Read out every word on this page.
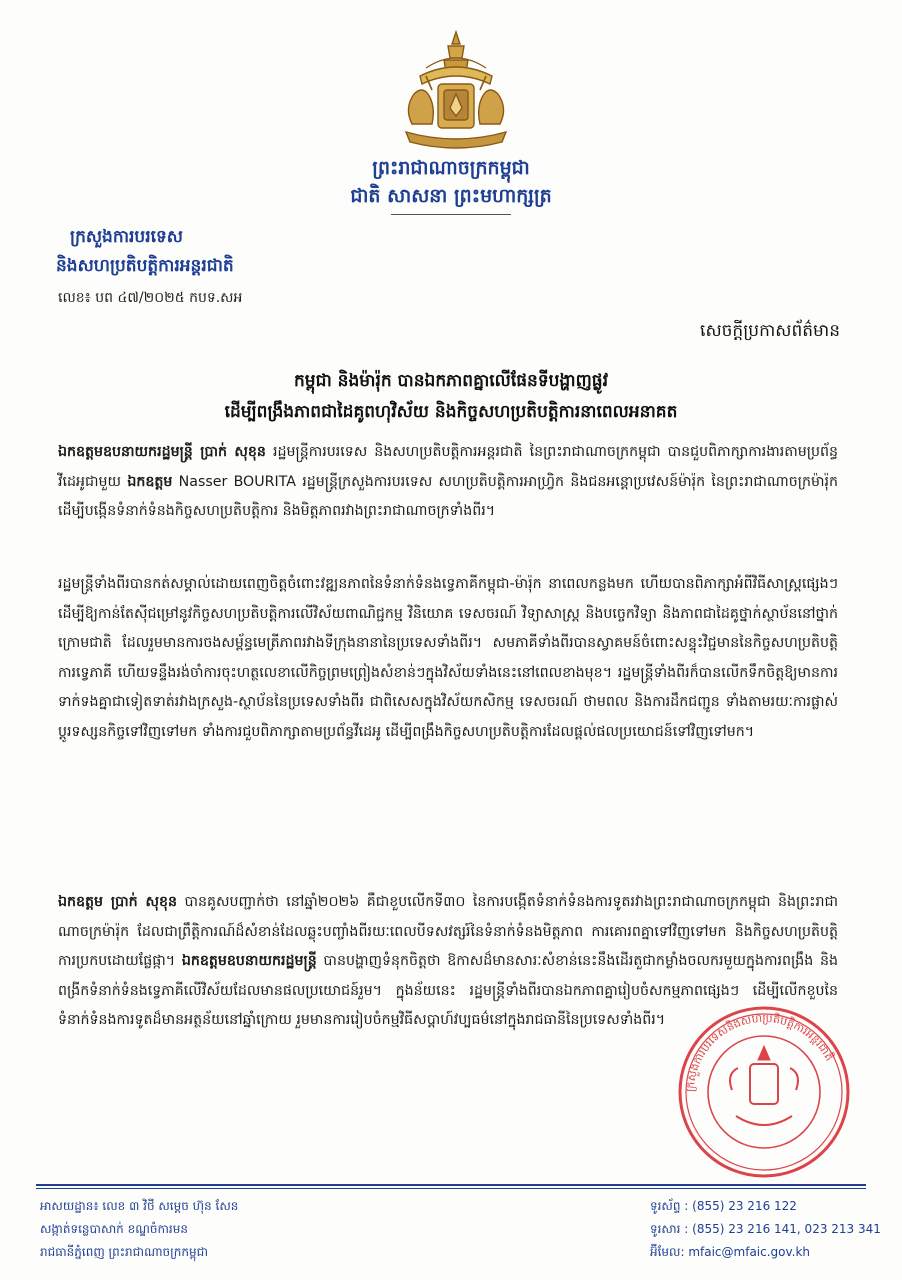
ព្រះរាជាណាចក្រកម្ពុជា
ជាតិ សាសនា ព្រះមហាក្សត្រ
ក្រសួងការបរទេស
និងសហប្រតិបត្តិការអន្តរជាតិ
លេខ៖ បព ៤៧/២០២៥ កបទ.សអ
សេចក្ដីប្រកាសព័ត៌មាន
កម្ពុជា និងម៉ារ៉ុក បានឯកភាពគ្នាលើផែនទីបង្ហាញផ្លូវ
ដើម្បីពង្រឹងភាពជាដៃគូពហុវិស័យ និងកិច្ចសហប្រតិបត្តិការនាពេលអនាគត
ឯកឧត្តមឧបនាយករដ្ឋមន្ត្រី ប្រាក់ សុខុន រដ្ឋមន្ត្រីការបរទេស និងសហប្រតិបត្តិការអន្តរជាតិ នៃព្រះរាជាណាចក្រកម្ពុជា បានជួបពិភាក្សាការងារតាមប្រព័ន្ធវីដេអូជាមួយ ឯកឧត្តម Nasser BOURITA រដ្ឋមន្ត្រីក្រសួងការបរទេស សហប្រតិបត្តិការអាហ្វ្រិក និងជនអន្តោប្រវេសន៍ម៉ារ៉ុក នៃព្រះរាជាណាចក្រម៉ារ៉ុក ដើម្បីបង្កើនទំនាក់ទំនងកិច្ចសហប្រតិបត្តិការ និងមិត្តភាពរវាងព្រះរាជាណាចក្រទាំងពីរ។
រដ្ឋមន្ត្រីទាំងពីរបានកត់សម្គាល់ដោយពេញចិត្តចំពោះវឌ្ឍនភាពនៃទំនាក់ទំនងទ្វេភាគីកម្ពុជា-ម៉ារ៉ុក នាពេលកន្លងមក ហើយបានពិភាក្សាអំពីវិធីសាស្ត្រផ្សេងៗដើម្បីឱ្យកាន់តែស៊ីជម្រៅនូវកិច្ចសហប្រតិបត្តិការលើវិស័យពាណិជ្ជកម្ម វិនិយោគ ទេសចរណ៍ វិទ្យាសាស្ត្រ និងបច្ចេកវិទ្យា និងភាពជាដៃគូថ្នាក់ស្ថាប័ននៅថ្នាក់ក្រោមជាតិ ដែលរួមមានការចងសម្ព័ន្ធមេត្រីភាពរវាងទីក្រុងនានានៃប្រទេសទាំងពីរ។ សមភាគីទាំងពីរបានស្វាគមន៍ចំពោះសន្ទុះវិជ្ជមាននៃកិច្ចសហប្រតិបត្តិការទ្វេភាគី ហើយទន្ទឹងរង់ចាំការចុះហត្ថលេខាលើកិច្ចព្រមព្រៀងសំខាន់ៗក្នុងវិស័យទាំងនេះនៅពេលខាងមុខ។ រដ្ឋមន្ត្រីទាំងពីរក៏បានលើកទឹកចិត្តឱ្យមានការទាក់ទងគ្នាជាទៀតទាត់រវាងក្រសួង-ស្ថាប័ននៃប្រទេសទាំងពីរ ជាពិសេសក្នុងវិស័យកសិកម្ម ទេសចរណ៍ ថាមពល និងការដឹកជញ្ជូន ទាំងតាមរយៈការផ្លាស់ប្ដូរទស្សនកិច្ចទៅវិញទៅមក ទាំងការជួបពិភាក្សាតាមប្រព័ន្ធវីដេអូ ដើម្បីពង្រឹងកិច្ចសហប្រតិបត្តិការដែលផ្ដល់ផលប្រយោជន៍ទៅវិញទៅមក។
ឯកឧត្តម ប្រាក់ សុខុន បានគូសបញ្ជាក់ថា នៅឆ្នាំ២០២៦ គឺជាខួបលើកទី៣០ នៃការបង្កើតទំនាក់ទំនងការទូតរវាងព្រះរាជាណាចក្រកម្ពុជា និងព្រះរាជាណាចក្រម៉ារ៉ុក ដែលជាព្រឹត្តិការណ៍ដ៏សំខាន់ដែលឆ្លុះបញ្ចាំងពីរយៈពេលបីទសវត្សរ៍នៃទំនាក់ទំនងមិត្តភាព ការគោរពគ្នាទៅវិញទៅមក និងកិច្ចសហប្រតិបត្តិការប្រកបដោយផ្លែផ្កា។ ឯកឧត្តមឧបនាយករដ្ឋមន្ត្រី បានបង្ហាញទំនុកចិត្តថា ឱកាសដ៏មានសារៈសំខាន់នេះនឹងដើរតួជាកម្លាំងចលករមួយក្នុងការពង្រឹង និងពង្រីកទំនាក់ទំនងទ្វេភាគីលើវិស័យដែលមានផលប្រយោជន៍រួម។ ក្នុងន័យនេះ រដ្ឋមន្ត្រីទាំងពីរបានឯកភាពគ្នារៀបចំសកម្មភាពផ្សេងៗ ដើម្បីលើកខួបនៃទំនាក់ទំនងការទូតដ៏មានអត្ថន័យនៅឆ្នាំក្រោយ រួមមានការរៀបចំកម្មវិធីសប្ដាហ៍វប្បធម៌នៅក្នុងរាជធានីនៃប្រទេសទាំងពីរ។
ក្រសួងការបរទេសនិងសហប្រតិបត្តិការអន្តរជាតិ
អាសយដ្ឋាន៖ លេខ ៣ វិថី សម្ដេច ហ៊ុន សែន
សង្កាត់ទន្លេបាសាក់ ខណ្ឌចំការមន
រាជធានីភ្នំពេញ ព្រះរាជាណាចក្រកម្ពុជា
ទូរស័ព្ទ : (855) 23 216 122
ទូរសារ : (855) 23 216 141, 023 213 341
អ៊ីមែល: mfaic@mfaic.gov.kh
